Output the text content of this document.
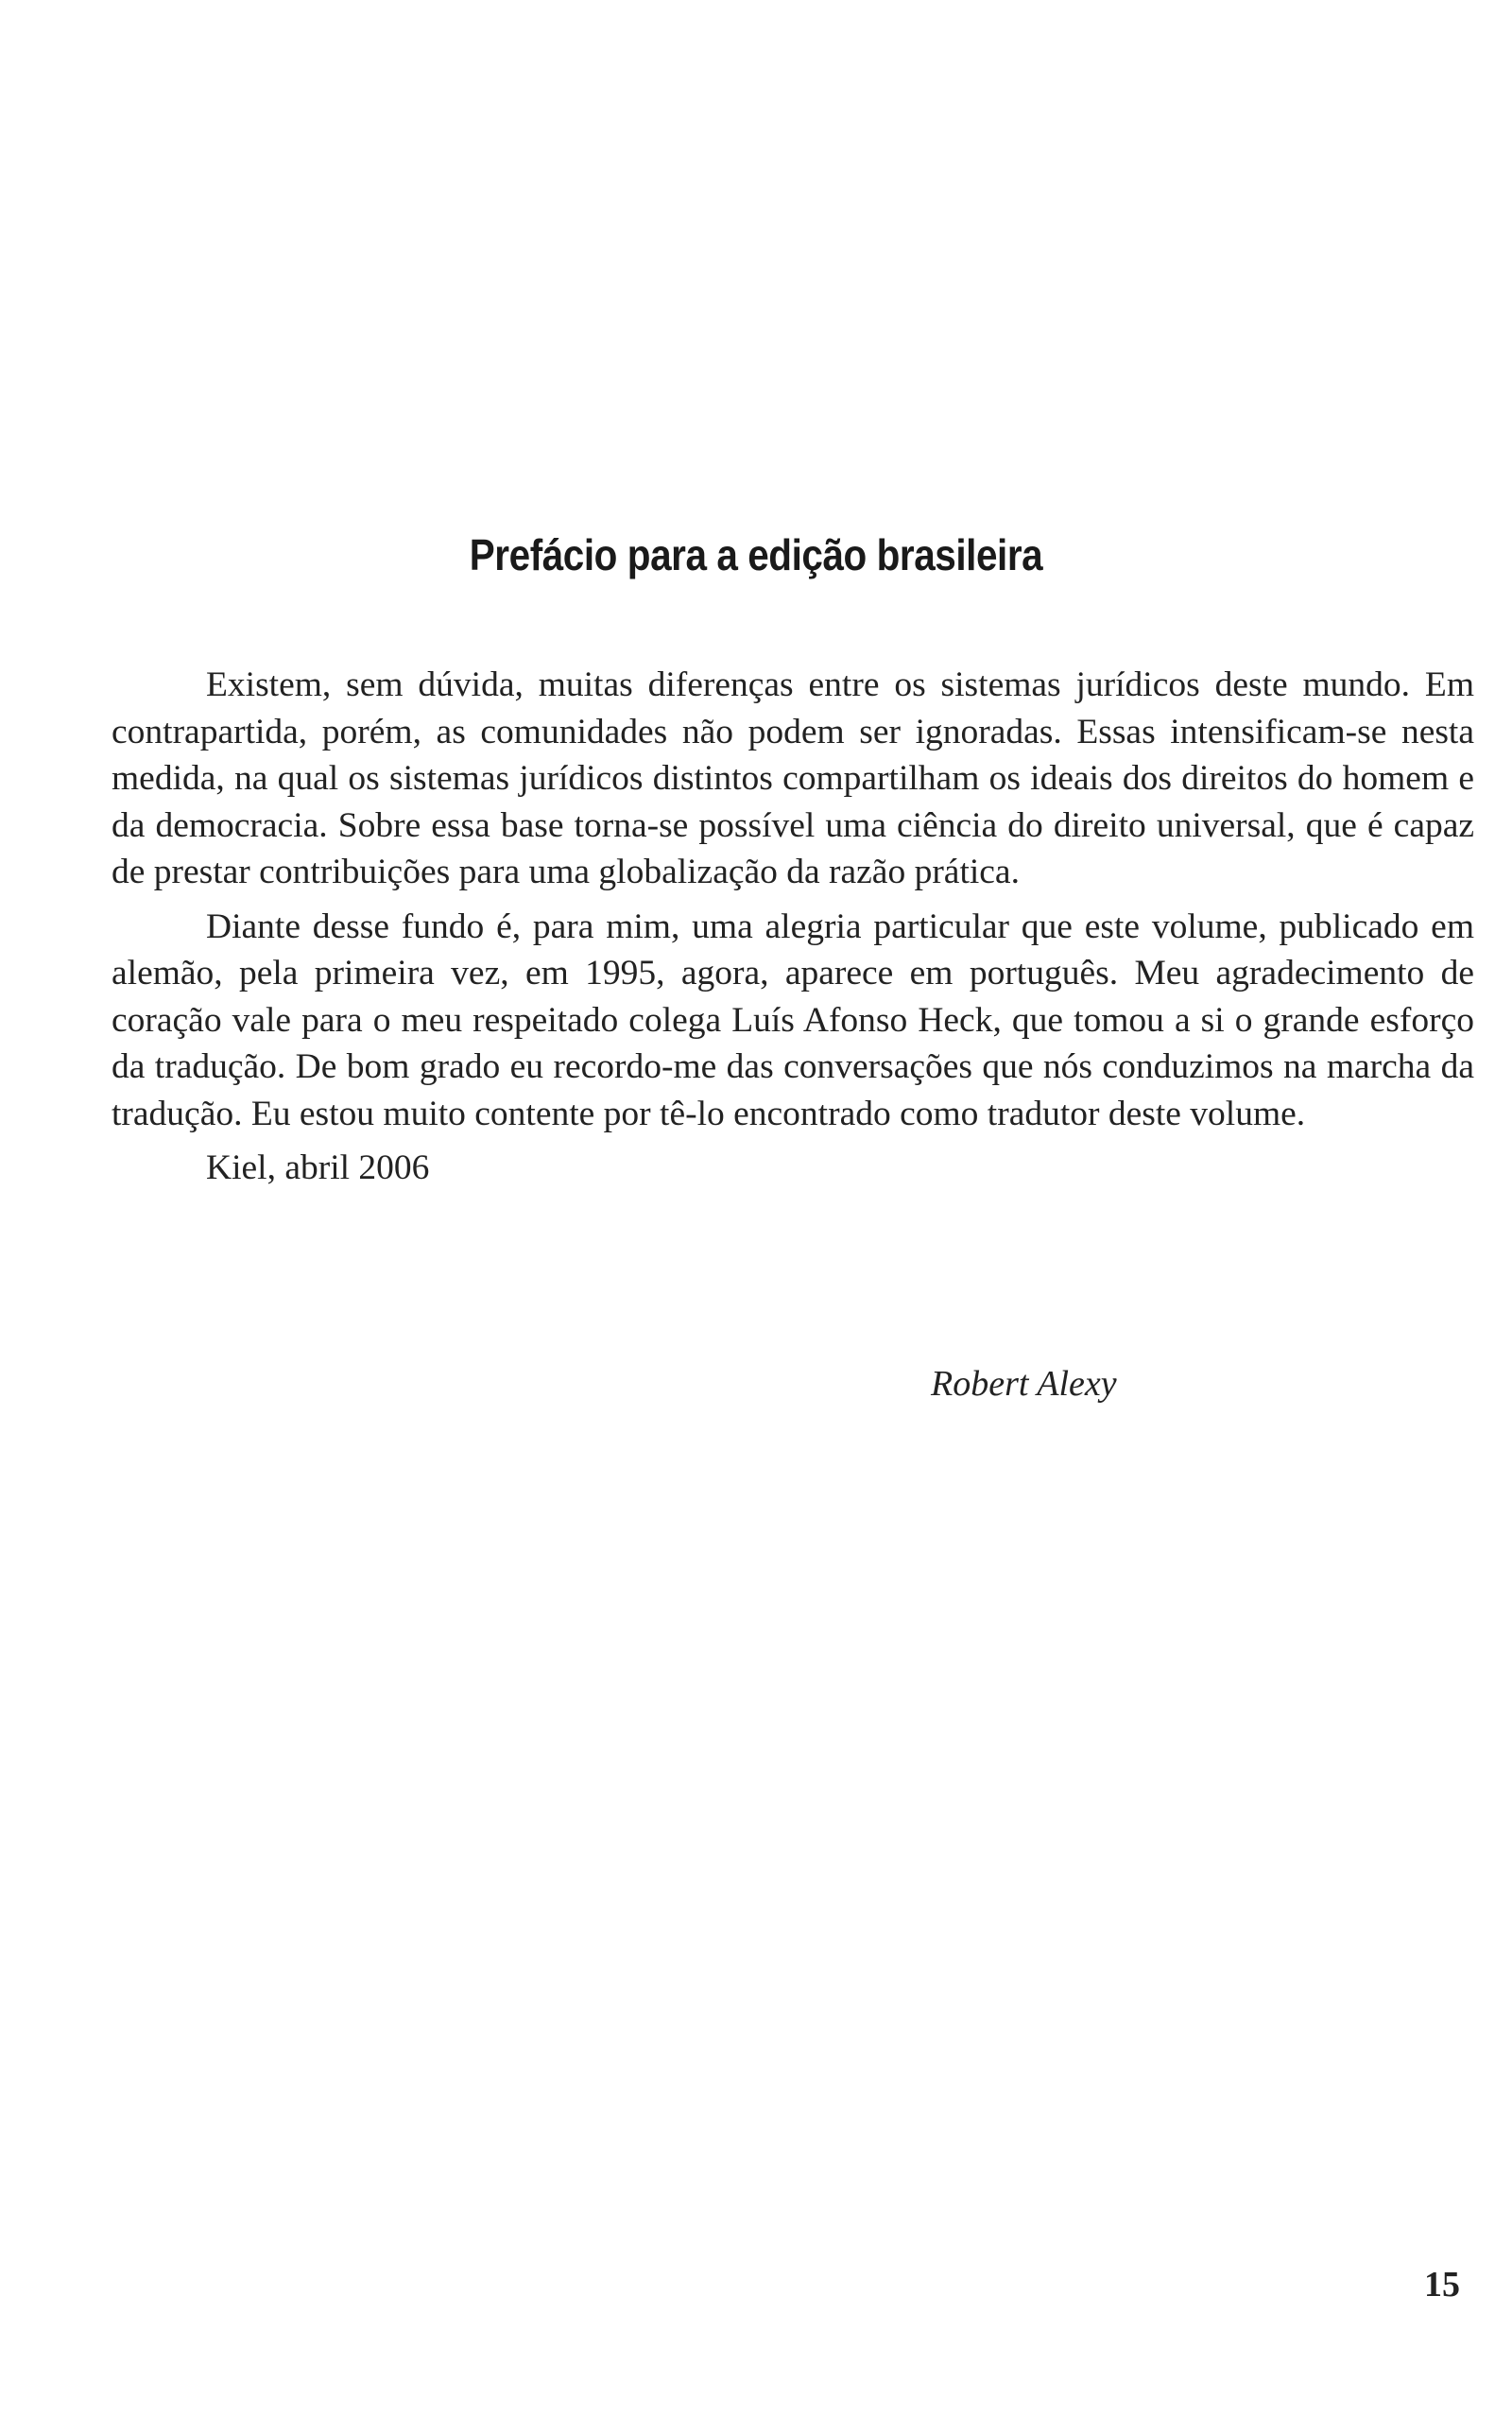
Prefácio para a edição brasileira

Existem, sem dúvida, muitas diferenças entre os sistemas jurídicos deste mundo. Em contrapartida, porém, as comunidades não podem ser ignoradas. Essas intensificam-se nesta medida, na qual os sistemas jurídicos distintos compartilham os ideais dos direitos do homem e da democracia. Sobre essa base torna-se possível uma ciência do direito universal, que é capaz de prestar contribuições para uma globalização da razão prática.

Diante desse fundo é, para mim, uma alegria particular que este volume, publicado em alemão, pela primeira vez, em 1995, agora, aparece em português. Meu agradecimento de coração vale para o meu respeitado colega Luís Afonso Heck, que tomou a si o grande esforço da tradução. De bom grado eu recordo-me das conversações que nós conduzimos na marcha da tradução. Eu estou muito contente por tê-lo encontrado como tradutor deste volume.

Kiel, abril 2006

Robert Alexy
15
